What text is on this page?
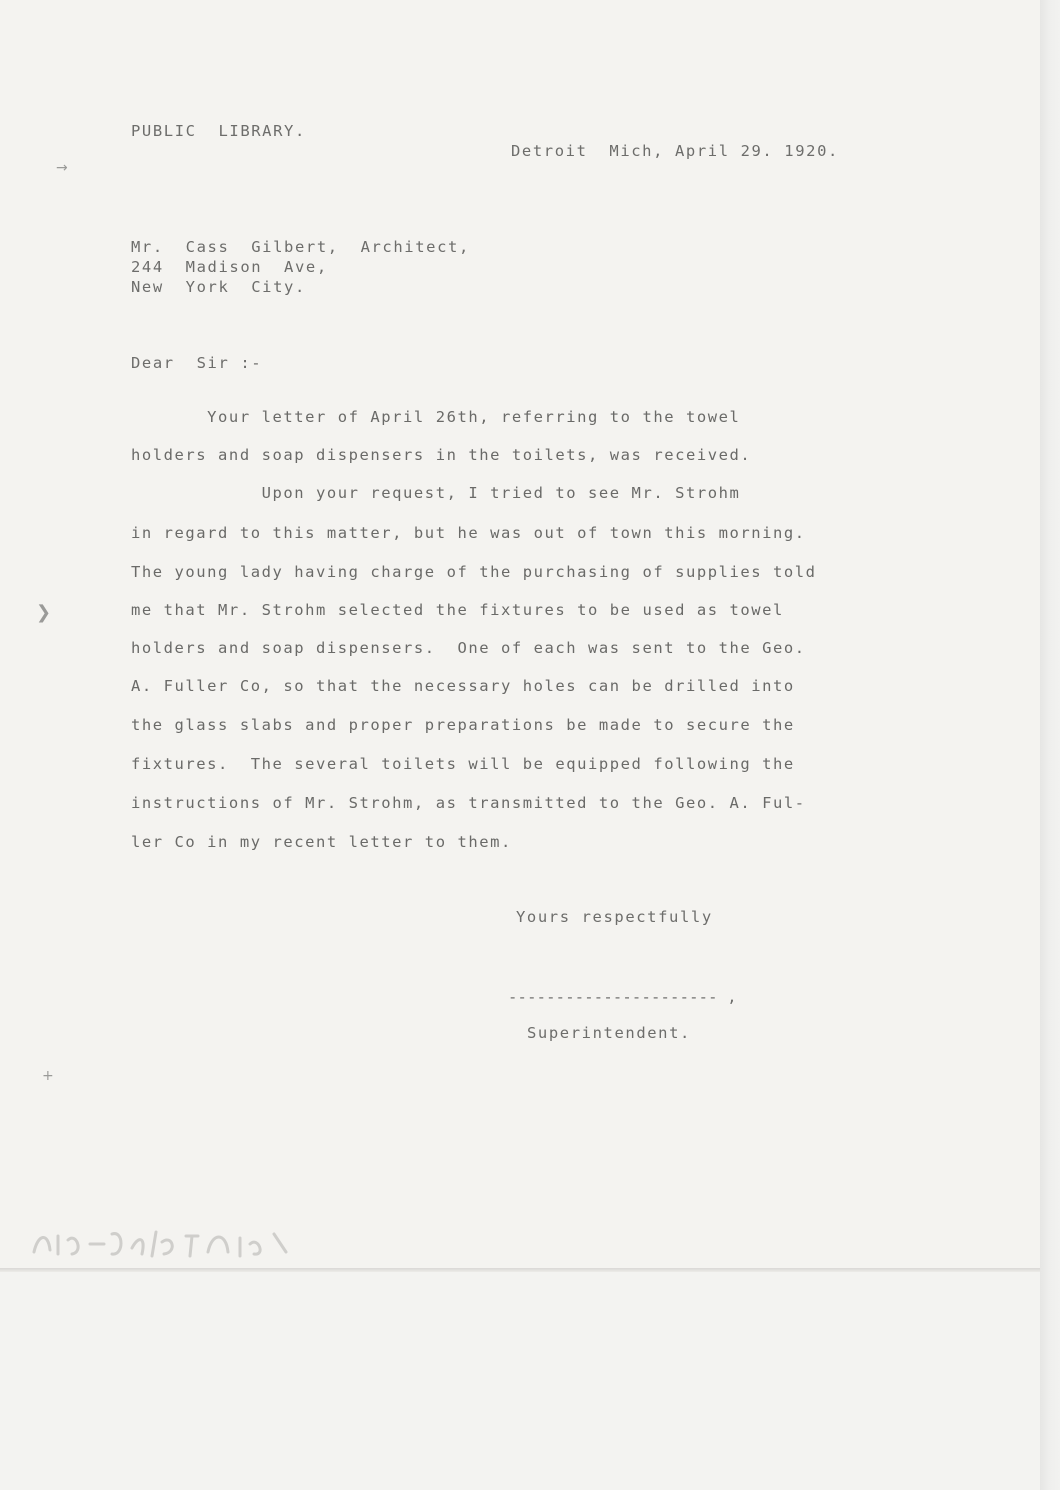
→
❯
+

PUBLIC  LIBRARY.

Detroit  Mich, April 29. 1920.

Mr.  Cass  Gilbert,  Architect,

244  Madison  Ave,

New  York  City.

Dear  Sir :-

Your letter of April 26th, referring to the towel

holders and soap dispensers in the toilets, was received.

Upon your request, I tried to see Mr. Strohm

in regard to this matter, but he was out of town this morning.

The young lady having charge of the purchasing of supplies told

me that Mr. Strohm selected the fixtures to be used as towel

holders and soap dispensers.  One of each was sent to the Geo.

A. Fuller Co, so that the necessary holes can be drilled into

the glass slabs and proper preparations be made to secure the

fixtures.  The several toilets will be equipped following the

instructions of Mr. Strohm, as transmitted to the Geo. A. Ful-

ler Co in my recent letter to them.

Yours respectfully

---------------------- ,

Superintendent.
